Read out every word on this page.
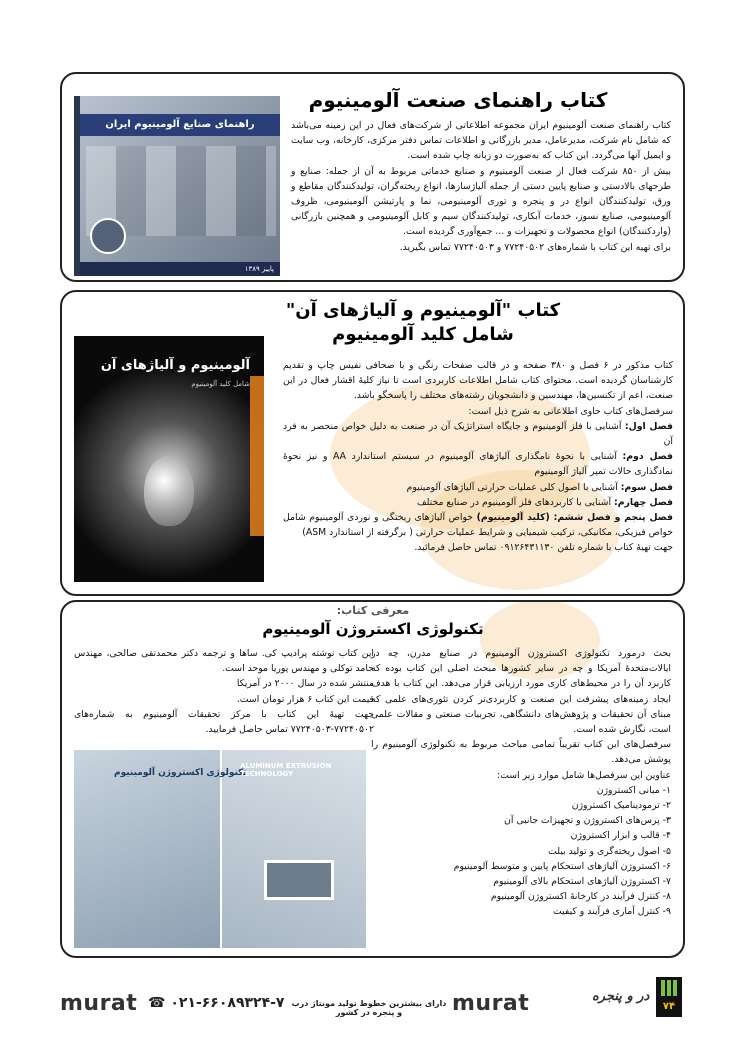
راهنمای صنایع آلومینیوم ایران
پاییز ۱۳۸۹
کتاب راهنمای صنعت آلومینیوم

کتاب راهنمای صنعت آلومینیوم ایران مجموعه اطلاعاتی از شرکت‌های فعال در این زمینه می‌باشد که شامل نام شرکت، مدیرعامل، مدیر بازرگانی و اطلاعات تماس دفتر مرکزی، کارخانه، وب سایت و ایمیل آنها می‌گردد. این کتاب که به‌صورت دو زبانه چاپ شده است.

بیش از ۸۵۰ شرکت فعال از صنعت آلومینیوم و صنایع خدماتی مربوط به آن از جمله: صنایع و طرحهای بالادستی و صنایع پایین دستی از جمله آلیاژسازها، انواع ریخته‌گران، تولیدکنندگان مقاطع و ورق، تولیدکنندگان انواع در و پنجره و توری آلومینیومی، نما و پارتیشن آلومینیومی، ظروف آلومینیومی، صنایع نسوز، خدمات آبکاری، تولیدکنندگان سیم و کابل آلومینیومی و همچنین بازرگانی (واردکنندگان) انواع محصولات و تجهیزات و ... جمع‌آوری گردیده است.

برای تهیه این کتاب با شماره‌های ۷۷۲۴۰۵۰۲ و ۷۷۲۴۰۵۰۳ تماس بگیرید.

کتاب "آلومینیوم و آلیاژهای آن"
شامل کلید آلومینیوم
آلومینیوم و آلیاژهای آن
شامل کلید آلومینیوم

کتاب مذکور در ۶ فصل و ۳۸۰ صفحه و در قالب صفحات رنگی و با صحافی نفیس چاپ و تقدیم کارشناسان گردیده است. محتوای کتاب شامل اطلاعات کاربردی است تا نیاز کلیهٔ اقشار فعال در این صنعت، اعم از تکنسین‌ها، مهندسین و دانشجویان رشته‌های مختلف را پاسخگو باشد.

سرفصل‌های کتاب حاوی اطلاعاتی به شرح ذیل است:

فصل اول: آشنایی با فلز آلومینیوم و جایگاه استراتژیک آن در صنعت به دلیل خواص منحصر به فرد آن

فصل دوم: آشنایی با نحوهٔ نامگذاری آلیاژهای آلومینیوم در سیستم استاندارد AA و نیز نحوهٔ نمادگذاری حالات تمپر آلیاژ آلومینیوم

فصل سوم: آشنایی با اصول کلی عملیات حرارتی آلیاژهای آلومینیوم

فصل چهارم: آشنایی با کاربردهای فلز آلومینیوم در صنایع مختلف

فصل پنجم و فصل ششم: (کلید آلومینیوم) خواص آلیاژهای ریختگی و نوردی آلومینیوم شامل خواص فیزیکی، مکانیکی، ترکیب شیمیایی و شرایط عملیات حرارتی ( برگرفته از استاندارد ASM)

جهت تهیهٔ کتاب با شماره تلفن ۰۹۱۲۶۴۳۱۱۳۰ تماس حاصل فرمائید.

معرفی کتاب:
تکنولوژی اکستروژن آلومینیوم

بحث درمورد تکنولوژی اکستروژن آلومینیوم در صنایع مدرن، چه در ایالات‌متحدهٔ آمریکا و چه در سایر کشورها مبحث اصلی این کتاب بوده که کاربرد آن را در محیط‌های کاری مورد ارزیابی قرار می‌دهد. این کتاب با هدف ایجاد زمینه‌های پیشرفت این صنعت و کاربردی‌تر کردن تئوری‌های علمی که مبنای آن تحقیقات و پژوهش‌های دانشگاهی، تجربیات صنعتی و مقالات علمی است، نگارش شده است.

سرفصل‌های این کتاب تقریباً تمامی مباحث مربوط به تکنولوژی آلومینیوم را پوشش می‌دهد.

عناوین این سرفصل‌ها شامل موارد زیر است:

۱- مبانی اکستروژن

۲- ترمودینامیک اکستروژن

۳- پرس‌های اکستروژن و تجهیزات جانبی آن

۴- قالب و ابزار اکستروژن

۵- اصول ریخته‌گری و تولید بیلت

۶- اکستروژن آلیاژهای استحکام پایین و متوسط آلومینیوم

۷- اکستروژن آلیاژهای استحکام بالای آلومینیوم

۸- کنترل فرآیند در کارخانهٔ اکستروژن آلومینیوم

۹- کنترل آماری فرآیند و کیفیت

این کتاب نوشته پرادیپ کی. ساها و ترجمه دکتر محمدتقی صالحی، مهندس حامد توکلی و مهندس پوریا موحد است.

منتشر شده در سال ۲۰۰۰ در آمریکا

قیمت این کتاب ۶ هزار تومان است.

جهت تهیهٔ این کتاب با مرکز تحقیقات آلومینیوم به شماره‌های ۷۷۲۴۰۵۰۲-۷۷۲۴۰۵۰۳ تماس حاصل فرمایید.

تکنولوژی اکستروژن آلومینیوم
ALUMINUM EXTRUSION TECHNOLOGY
murat ☎ ۰۲۱-۶۶۰۸۹۳۲۴-۷ دارای بیشترین خطوط تولید مونتاژ درب و پنجره در کشور	murat	در و پنجره
۷۴
